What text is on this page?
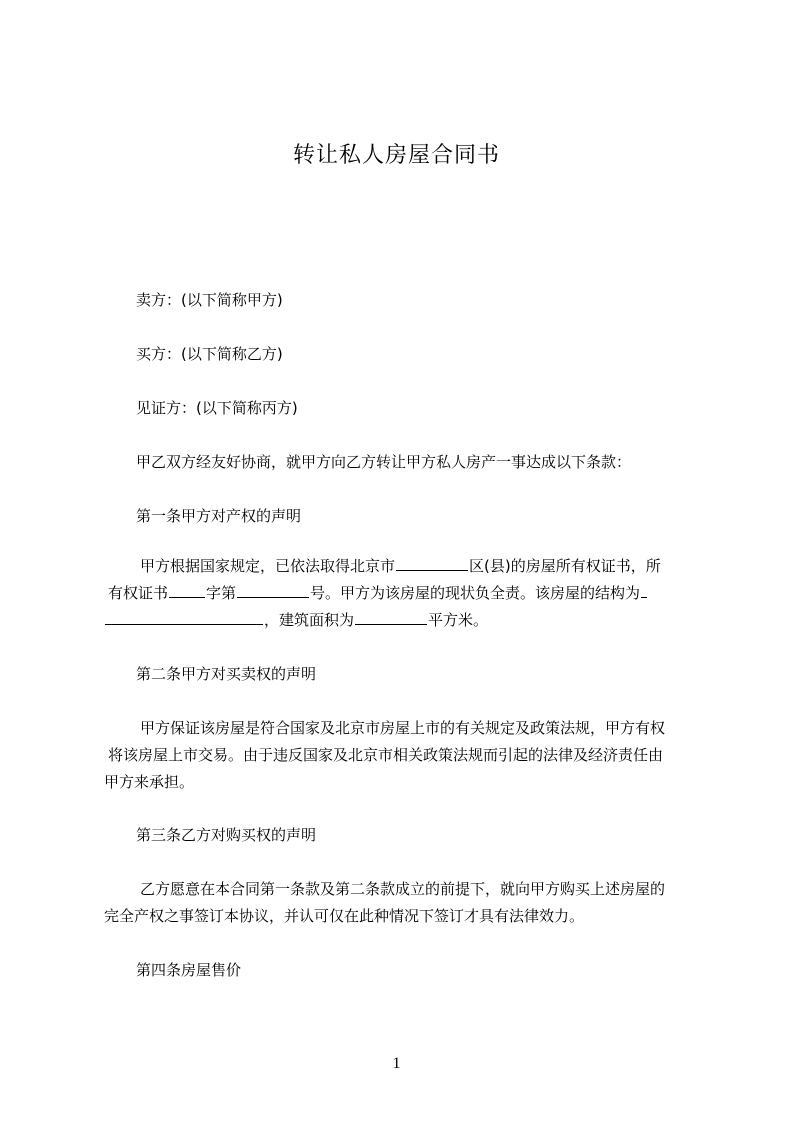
转让私人房屋合同书
卖方：(以下简称甲方)
买方：(以下简称乙方)
见证方：(以下简称丙方)
甲乙双方经友好协商，就甲方向乙方转让甲方私人房产一事达成以下条款：
第一条甲方对产权的声明
甲方根据国家规定，已依法取得北京市	区(县)的房屋所有权证书，所
有权证书	字第	号。甲方为该房屋的现状负全责。该房屋的结构为
，建筑面积为	平方米。
第二条甲方对买卖权的声明
甲方保证该房屋是符合国家及北京市房屋上市的有关规定及政策法规，甲方有权
将该房屋上市交易。由于违反国家及北京市相关政策法规而引起的法律及经济责任由
甲方来承担。
第三条乙方对购买权的声明
乙方愿意在本合同第一条款及第二条款成立的前提下，就向甲方购买上述房屋的
完全产权之事签订本协议，并认可仅在此种情况下签订才具有法律效力。
第四条房屋售价
1
